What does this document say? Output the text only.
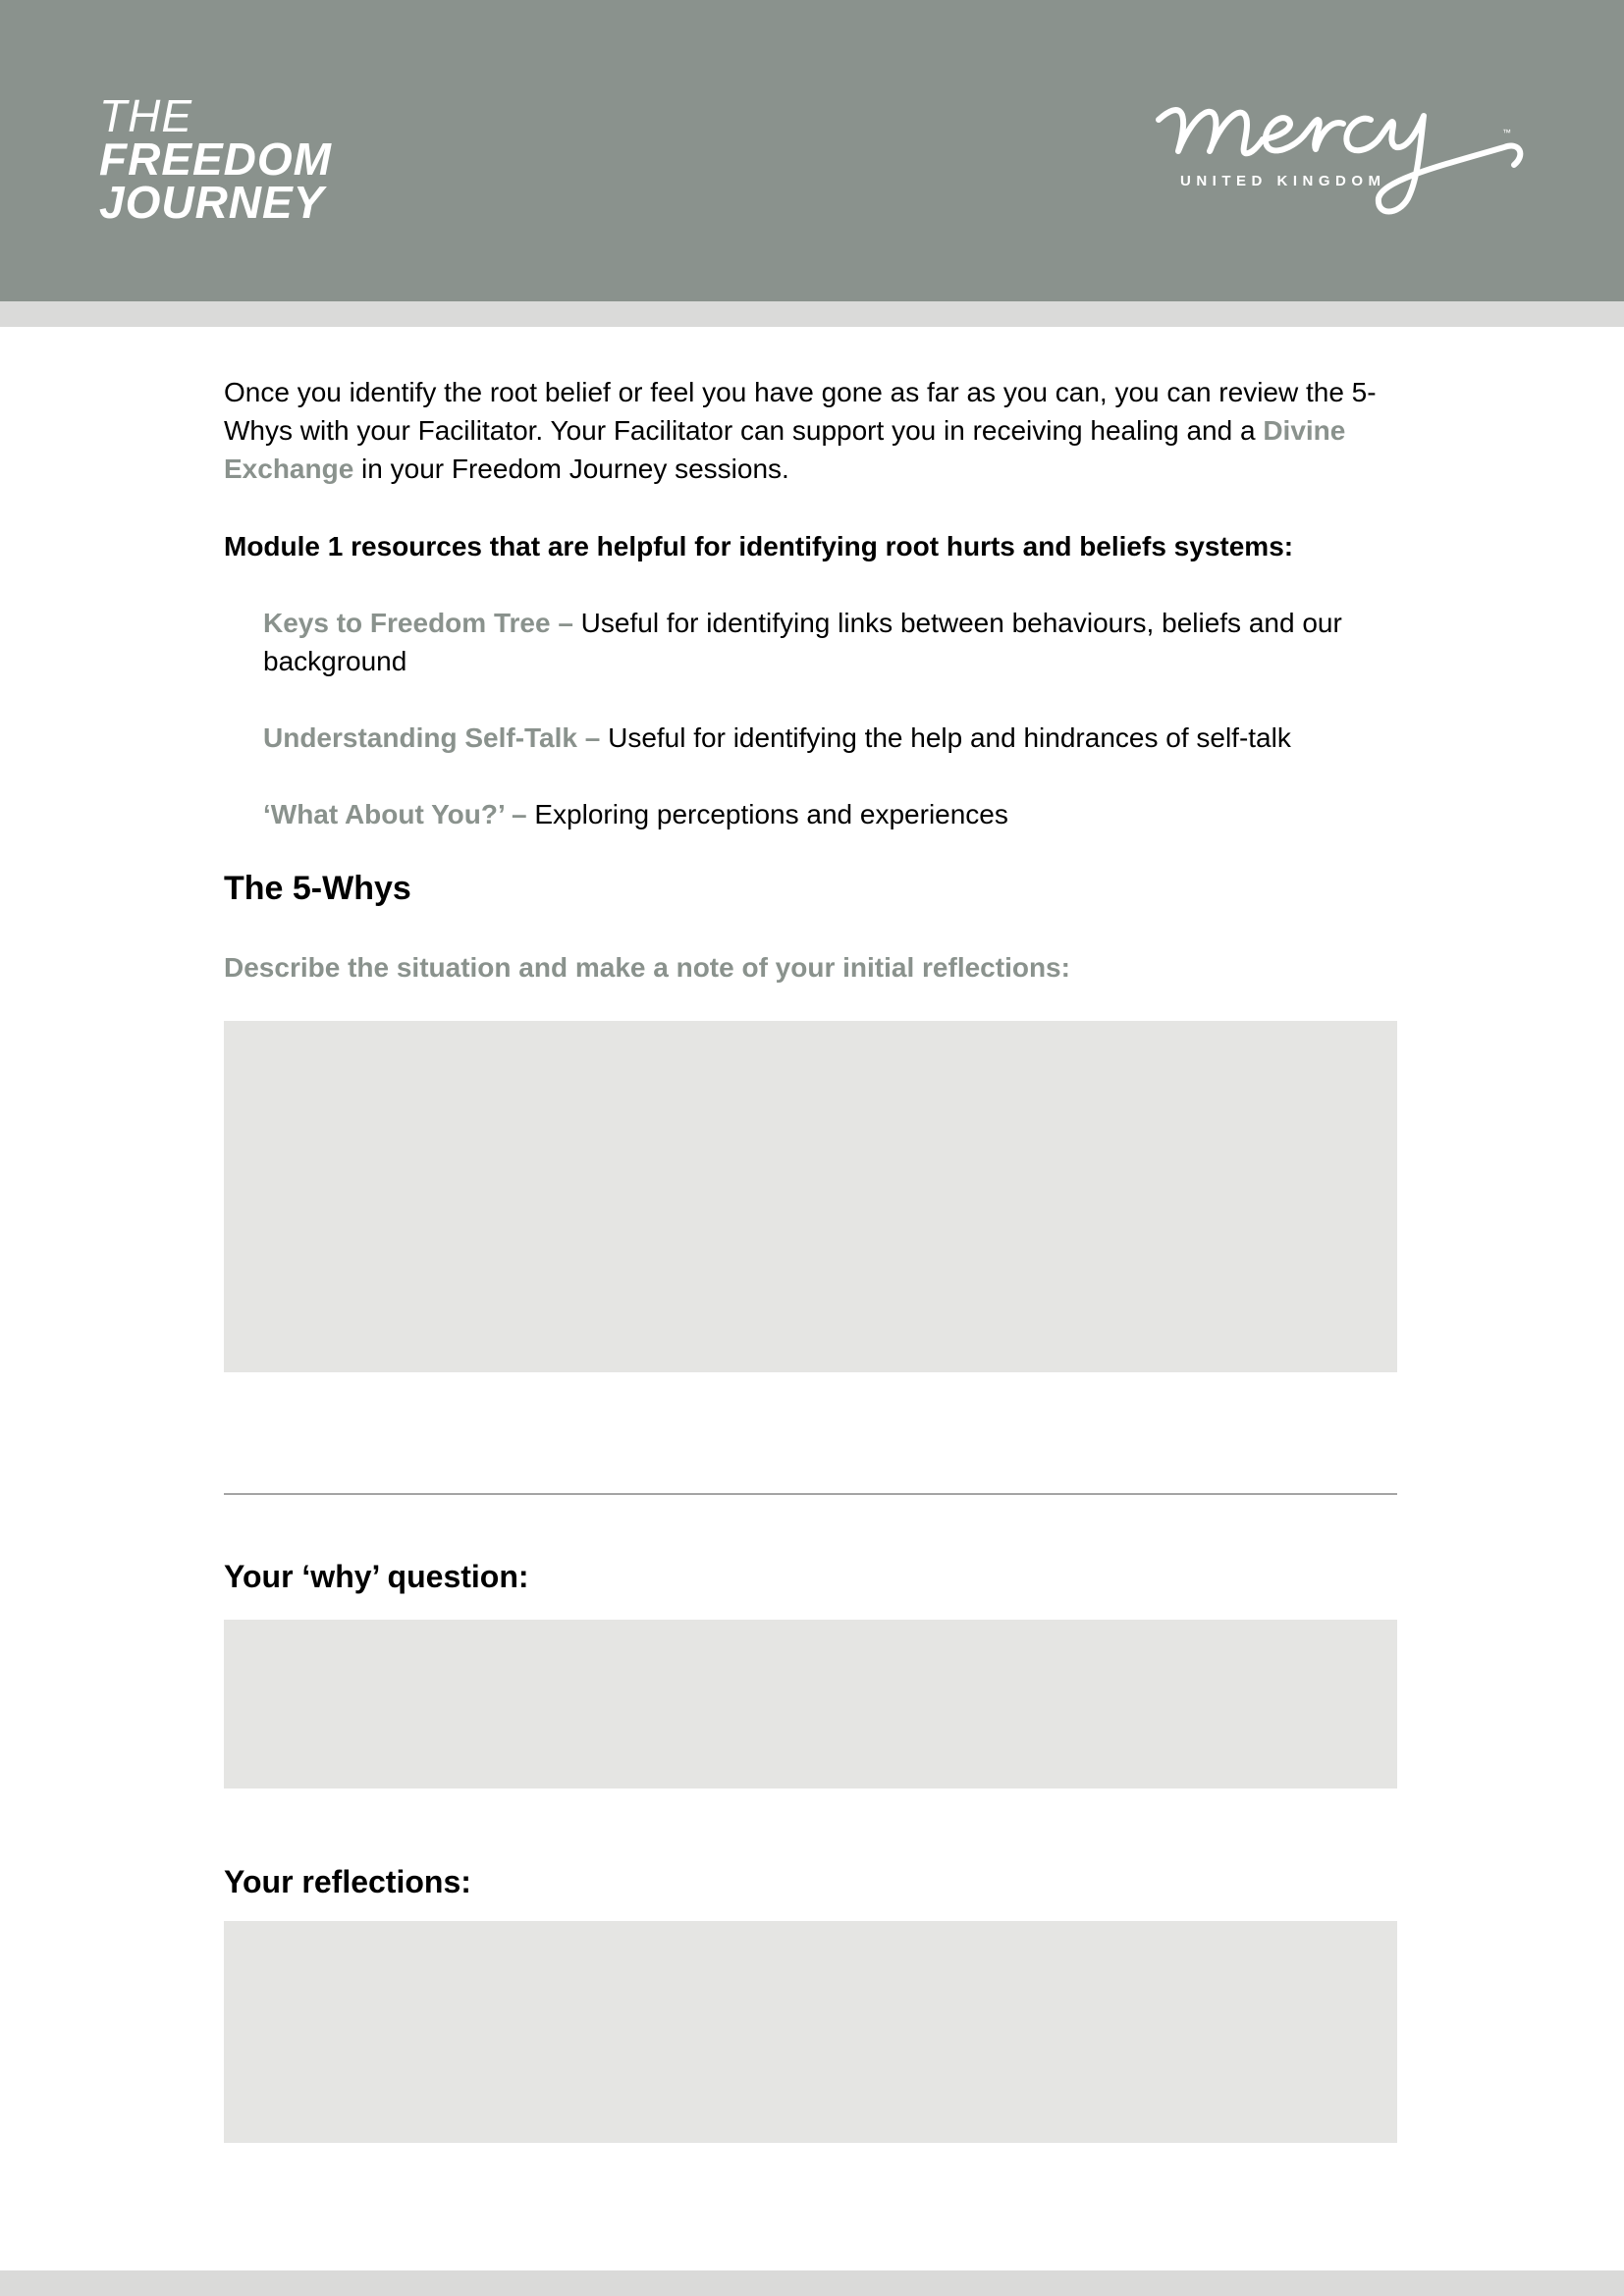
THE
FREEDOM
JOURNEY
™
UNITED KINGDOM

Once you identify the root belief or feel you have gone as far as you can, you can review the 5-Whys with your Facilitator. Your Facilitator can support you in receiving healing and a Divine Exchange in your Freedom Journey sessions.

Module 1 resources that are helpful for identifying root hurts and beliefs systems:
Keys to Freedom Tree – Useful for identifying links between behaviours, beliefs and our background
Understanding Self-Talk – Useful for identifying the help and hindrances of self-talk
‘What About You?’ – Exploring perceptions and experiences
The 5-Whys
Describe the situation and make a note of your initial reflections:
Your ‘why’ question:
Your reflections:
